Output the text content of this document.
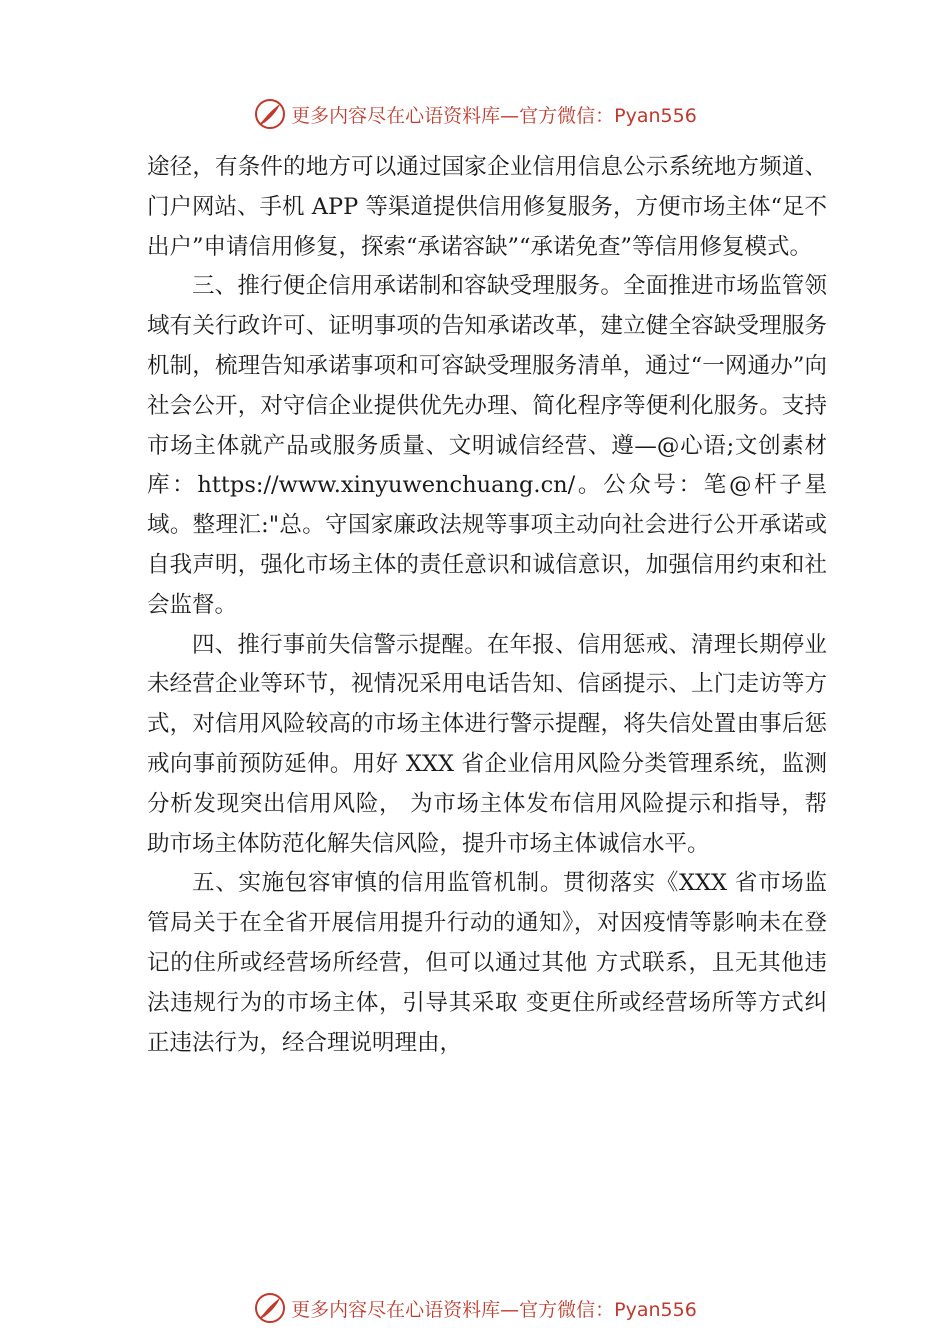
更多内容尽在心语资料库 —官方微信：Pyan556

途径，有条件的地方可以通过国家企业信用信息公示系统地方频道、门户网站、手机 APP 等渠道提供信用修复服务，方便市场主体“足不出户”申请信用修复，探索“承诺容缺”“承诺免查”等信用修复模式。

三、推行便企信用承诺制和容缺受理服务。全面推进市场监管领域有关行政许可、证明事项的告知承诺改革，建立健全容缺受理服务机制，梳理告知承诺事项和可容缺受理服务清单，通过“一网通办”向社会公开，对守信企业提供优先办理、简化程序等便利化服务。支持市场主体就产品或服务质量、文明诚信经营、遵—@心语;文创素材库：https://www.xinyuwenchuang.cn/。公众号：笔@杆子星域。整理汇:"总。守国家廉政法规等事项主动向社会进行公开承诺或自我声明，强化市场主体的责任意识和诚信意识，加强信用约束和社会监督。

四、推行事前失信警示提醒。在年报、信用惩戒、清理长期停业未经营企业等环节，视情况采用电话告知、信函提示、上门走访等方式，对信用风险较高的市场主体进行警示提醒，将失信处置由事后惩戒向事前预防延伸。用好 XXX 省企业信用风险分类管理系统，监测分析发现突出信用风险， 为市场主体发布信用风险提示和指导，帮助市场主体防范化解失信风险，提升市场主体诚信水平。

五、实施包容审慎的信用监管机制。贯彻落实《XXX 省市场监管局关于在全省开展信用提升行动的通知》，对因疫情等影响未在登记的住所或经营场所经营，但可以通过其他 方式联系，且无其他违法违规行为的市场主体，引导其采取 变更住所或经营场所等方式纠正违法行为，经合理说明理由，

更多内容尽在心语资料库 —官方微信：Pyan556
